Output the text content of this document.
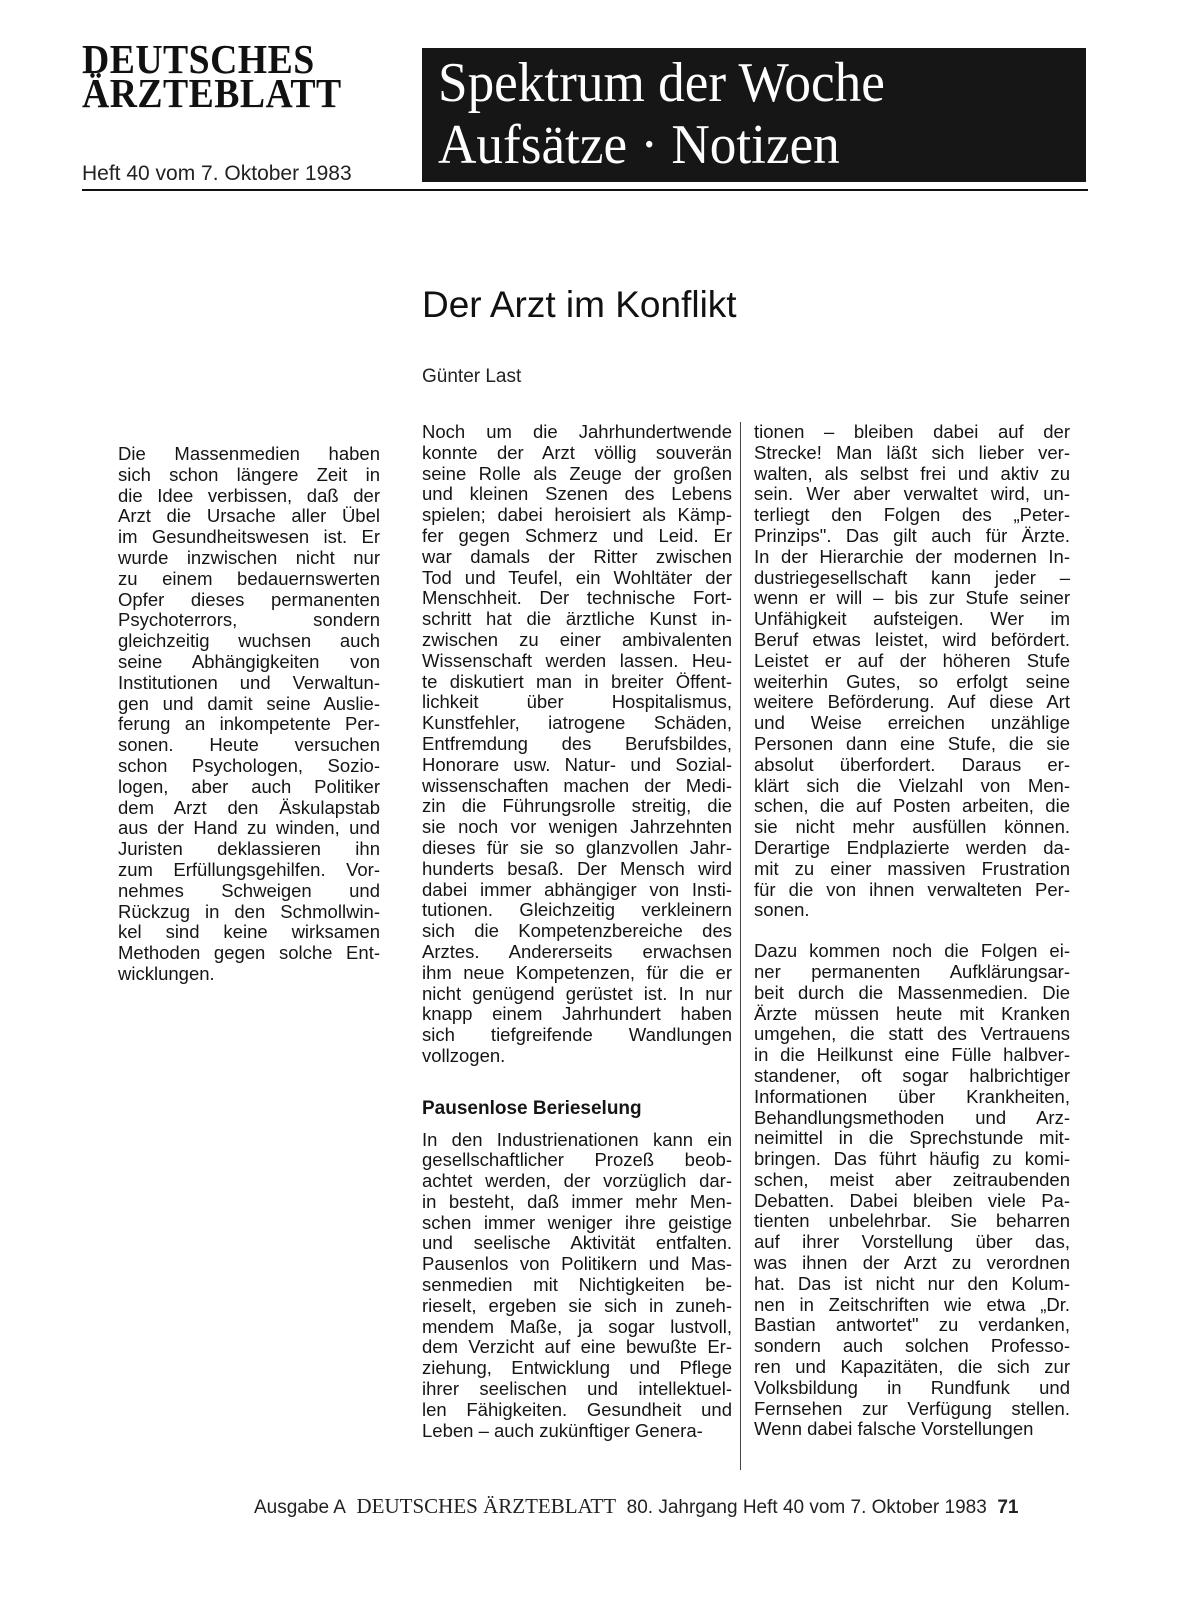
DEUTSCHES
ÄRZTEBLATT
Heft 40 vom 7. Oktober 1983
Spektrum der Woche
Aufsätze · Notizen
Der Arzt im Konflikt
Günter Last

Die Massenmedien haben
sich schon längere Zeit in
die Idee verbissen, daß der
Arzt die Ursache aller Übel
im Gesundheitswesen ist. Er
wurde inzwischen nicht nur
zu einem bedauernswerten
Opfer dieses permanenten
Psychoterrors, sondern
gleichzeitig wuchsen auch
seine Abhängigkeiten von
Institutionen und Verwaltun-
gen und damit seine Auslie-
ferung an inkompetente Per-
sonen. Heute versuchen
schon Psychologen, Sozio-
logen, aber auch Politiker
dem Arzt den Äskulapstab
aus der Hand zu winden, und
Juristen deklassieren ihn
zum Erfüllungsgehilfen. Vor-
nehmes Schweigen und
Rückzug in den Schmollwin-
kel sind keine wirksamen
Methoden gegen solche Ent-
wicklungen.

Noch um die Jahrhundertwende
konnte der Arzt völlig souverän
seine Rolle als Zeuge der großen
und kleinen Szenen des Lebens
spielen; dabei heroisiert als Kämp-
fer gegen Schmerz und Leid. Er
war damals der Ritter zwischen
Tod und Teufel, ein Wohltäter der
Menschheit. Der technische Fort-
schritt hat die ärztliche Kunst in-
zwischen zu einer ambivalenten
Wissenschaft werden lassen. Heu-
te diskutiert man in breiter Öffent-
lichkeit über Hospitalismus,
Kunstfehler, iatrogene Schäden,
Entfremdung des Berufsbildes,
Honorare usw. Natur- und Sozial-
wissenschaften machen der Medi-
zin die Führungsrolle streitig, die
sie noch vor wenigen Jahrzehnten
dieses für sie so glanzvollen Jahr-
hunderts besaß. Der Mensch wird
dabei immer abhängiger von Insti-
tutionen. Gleichzeitig verkleinern
sich die Kompetenzbereiche des
Arztes. Andererseits erwachsen
ihm neue Kompetenzen, für die er
nicht genügend gerüstet ist. In nur
knapp einem Jahrhundert haben
sich tiefgreifende Wandlungen
vollzogen.

Pausenlose Berieselung

In den Industrienationen kann ein
gesellschaftlicher Prozeß beob-
achtet werden, der vorzüglich dar-
in besteht, daß immer mehr Men-
schen immer weniger ihre geistige
und seelische Aktivität entfalten.
Pausenlos von Politikern und Mas-
senmedien mit Nichtigkeiten be-
rieselt, ergeben sie sich in zuneh-
mendem Maße, ja sogar lustvoll,
dem Verzicht auf eine bewußte Er-
ziehung, Entwicklung und Pflege
ihrer seelischen und intellektuel-
len Fähigkeiten. Gesundheit und
Leben – auch zukünftiger Genera-

tionen – bleiben dabei auf der
Strecke! Man läßt sich lieber ver-
walten, als selbst frei und aktiv zu
sein. Wer aber verwaltet wird, un-
terliegt den Folgen des „Peter-
Prinzips". Das gilt auch für Ärzte.
In der Hierarchie der modernen In-
dustriegesellschaft kann jeder –
wenn er will – bis zur Stufe seiner
Unfähigkeit aufsteigen. Wer im
Beruf etwas leistet, wird befördert.
Leistet er auf der höheren Stufe
weiterhin Gutes, so erfolgt seine
weitere Beförderung. Auf diese Art
und Weise erreichen unzählige
Personen dann eine Stufe, die sie
absolut überfordert. Daraus er-
klärt sich die Vielzahl von Men-
schen, die auf Posten arbeiten, die
sie nicht mehr ausfüllen können.
Derartige Endplazierte werden da-
mit zu einer massiven Frustration
für die von ihnen verwalteten Per-
sonen.

Dazu kommen noch die Folgen ei-
ner permanenten Aufklärungsar-
beit durch die Massenmedien. Die
Ärzte müssen heute mit Kranken
umgehen, die statt des Vertrauens
in die Heilkunst eine Fülle halbver-
standener, oft sogar halbrichtiger
Informationen über Krankheiten,
Behandlungsmethoden und Arz-
neimittel in die Sprechstunde mit-
bringen. Das führt häufig zu komi-
schen, meist aber zeitraubenden
Debatten. Dabei bleiben viele Pa-
tienten unbelehrbar. Sie beharren
auf ihrer Vorstellung über das,
was ihnen der Arzt zu verordnen
hat. Das ist nicht nur den Kolum-
nen in Zeitschriften wie etwa „Dr.
Bastian antwortet" zu verdanken,
sondern auch solchen Professo-
ren und Kapazitäten, die sich zur
Volksbildung in Rundfunk und
Fernsehen zur Verfügung stellen.
Wenn dabei falsche Vorstellungen

Ausgabe A DEUTSCHES ÄRZTEBLATT 80. Jahrgang Heft 40 vom 7. Oktober 1983 71
